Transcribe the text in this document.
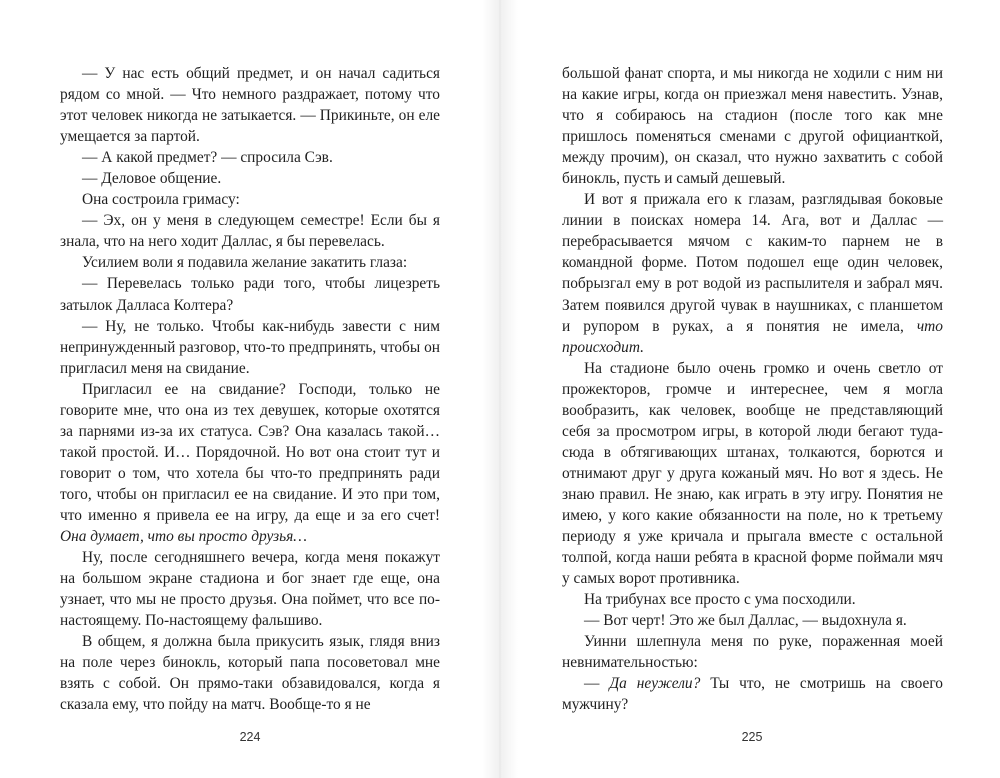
— У нас есть общий предмет, и он начал садиться рядом со мной. — Что немного раздражает, потому что этот человек никогда не затыкается. — Прикиньте, он еле умещается за партой.

— А какой предмет? — спросила Сэв.

— Деловое общение.

Она состроила гримасу:

— Эх, он у меня в следующем семестре! Если бы я знала, что на него ходит Даллас, я бы перевелась.

Усилием воли я подавила желание закатить глаза:

— Перевелась только ради того, чтобы лицезреть затылок Далласа Колтера?

— Ну, не только. Чтобы как-нибудь завести с ним непринужденный разговор, что-то предпринять, чтобы он пригласил меня на свидание.

Пригласил ее на свидание? Господи, только не говорите мне, что она из тех девушек, которые охотятся за парнями из-за их статуса. Сэв? Она казалась такой… такой простой. И… Порядочной. Но вот она стоит тут и говорит о том, что хотела бы что-то предпринять ради того, чтобы он пригласил ее на свидание. И это при том, что именно я привела ее на игру, да еще и за его счет! Она думает, что вы просто друзья…

Ну, после сегодняшнего вечера, когда меня покажут на большом экране стадиона и бог знает где еще, она узнает, что мы не просто друзья. Она поймет, что все по-настоящему. По-настоящему фальшиво.

В общем, я должна была прикусить язык, глядя вниз на поле через бинокль, который папа посоветовал мне взять с собой. Он прямо-таки обзавидовался, когда я сказала ему, что пойду на матч. Вообще-то я не

большой фанат спорта, и мы никогда не ходили с ним ни на какие игры, когда он приезжал меня навестить. Узнав, что я собираюсь на стадион (после того как мне пришлось поменяться сменами с другой официанткой, между прочим), он сказал, что нужно захватить с собой бинокль, пусть и самый дешевый.

И вот я прижала его к глазам, разглядывая боковые линии в поисках номера 14. Ага, вот и Даллас — перебрасывается мячом с каким-то парнем не в командной форме. Потом подошел еще один человек, побрызгал ему в рот водой из распылителя и забрал мяч. Затем появился другой чувак в наушниках, с планшетом и рупором в руках, а я понятия не имела, что происходит.

На стадионе было очень громко и очень светло от прожекторов, громче и интереснее, чем я могла вообразить, как человек, вообще не представляющий себя за просмотром игры, в которой люди бегают туда-сюда в обтягивающих штанах, толкаются, борются и отнимают друг у друга кожаный мяч. Но вот я здесь. Не знаю правил. Не знаю, как играть в эту игру. Понятия не имею, у кого какие обязанности на поле, но к третьему периоду я уже кричала и прыгала вместе с остальной толпой, когда наши ребята в красной форме поймали мяч у самых ворот противника.

На трибунах все просто с ума посходили.

— Вот черт! Это же был Даллас, — выдохнула я.

Уинни шлепнула меня по руке, пораженная моей невнимательностью:

— Да неужели? Ты что, не смотришь на своего мужчину?

224	225
